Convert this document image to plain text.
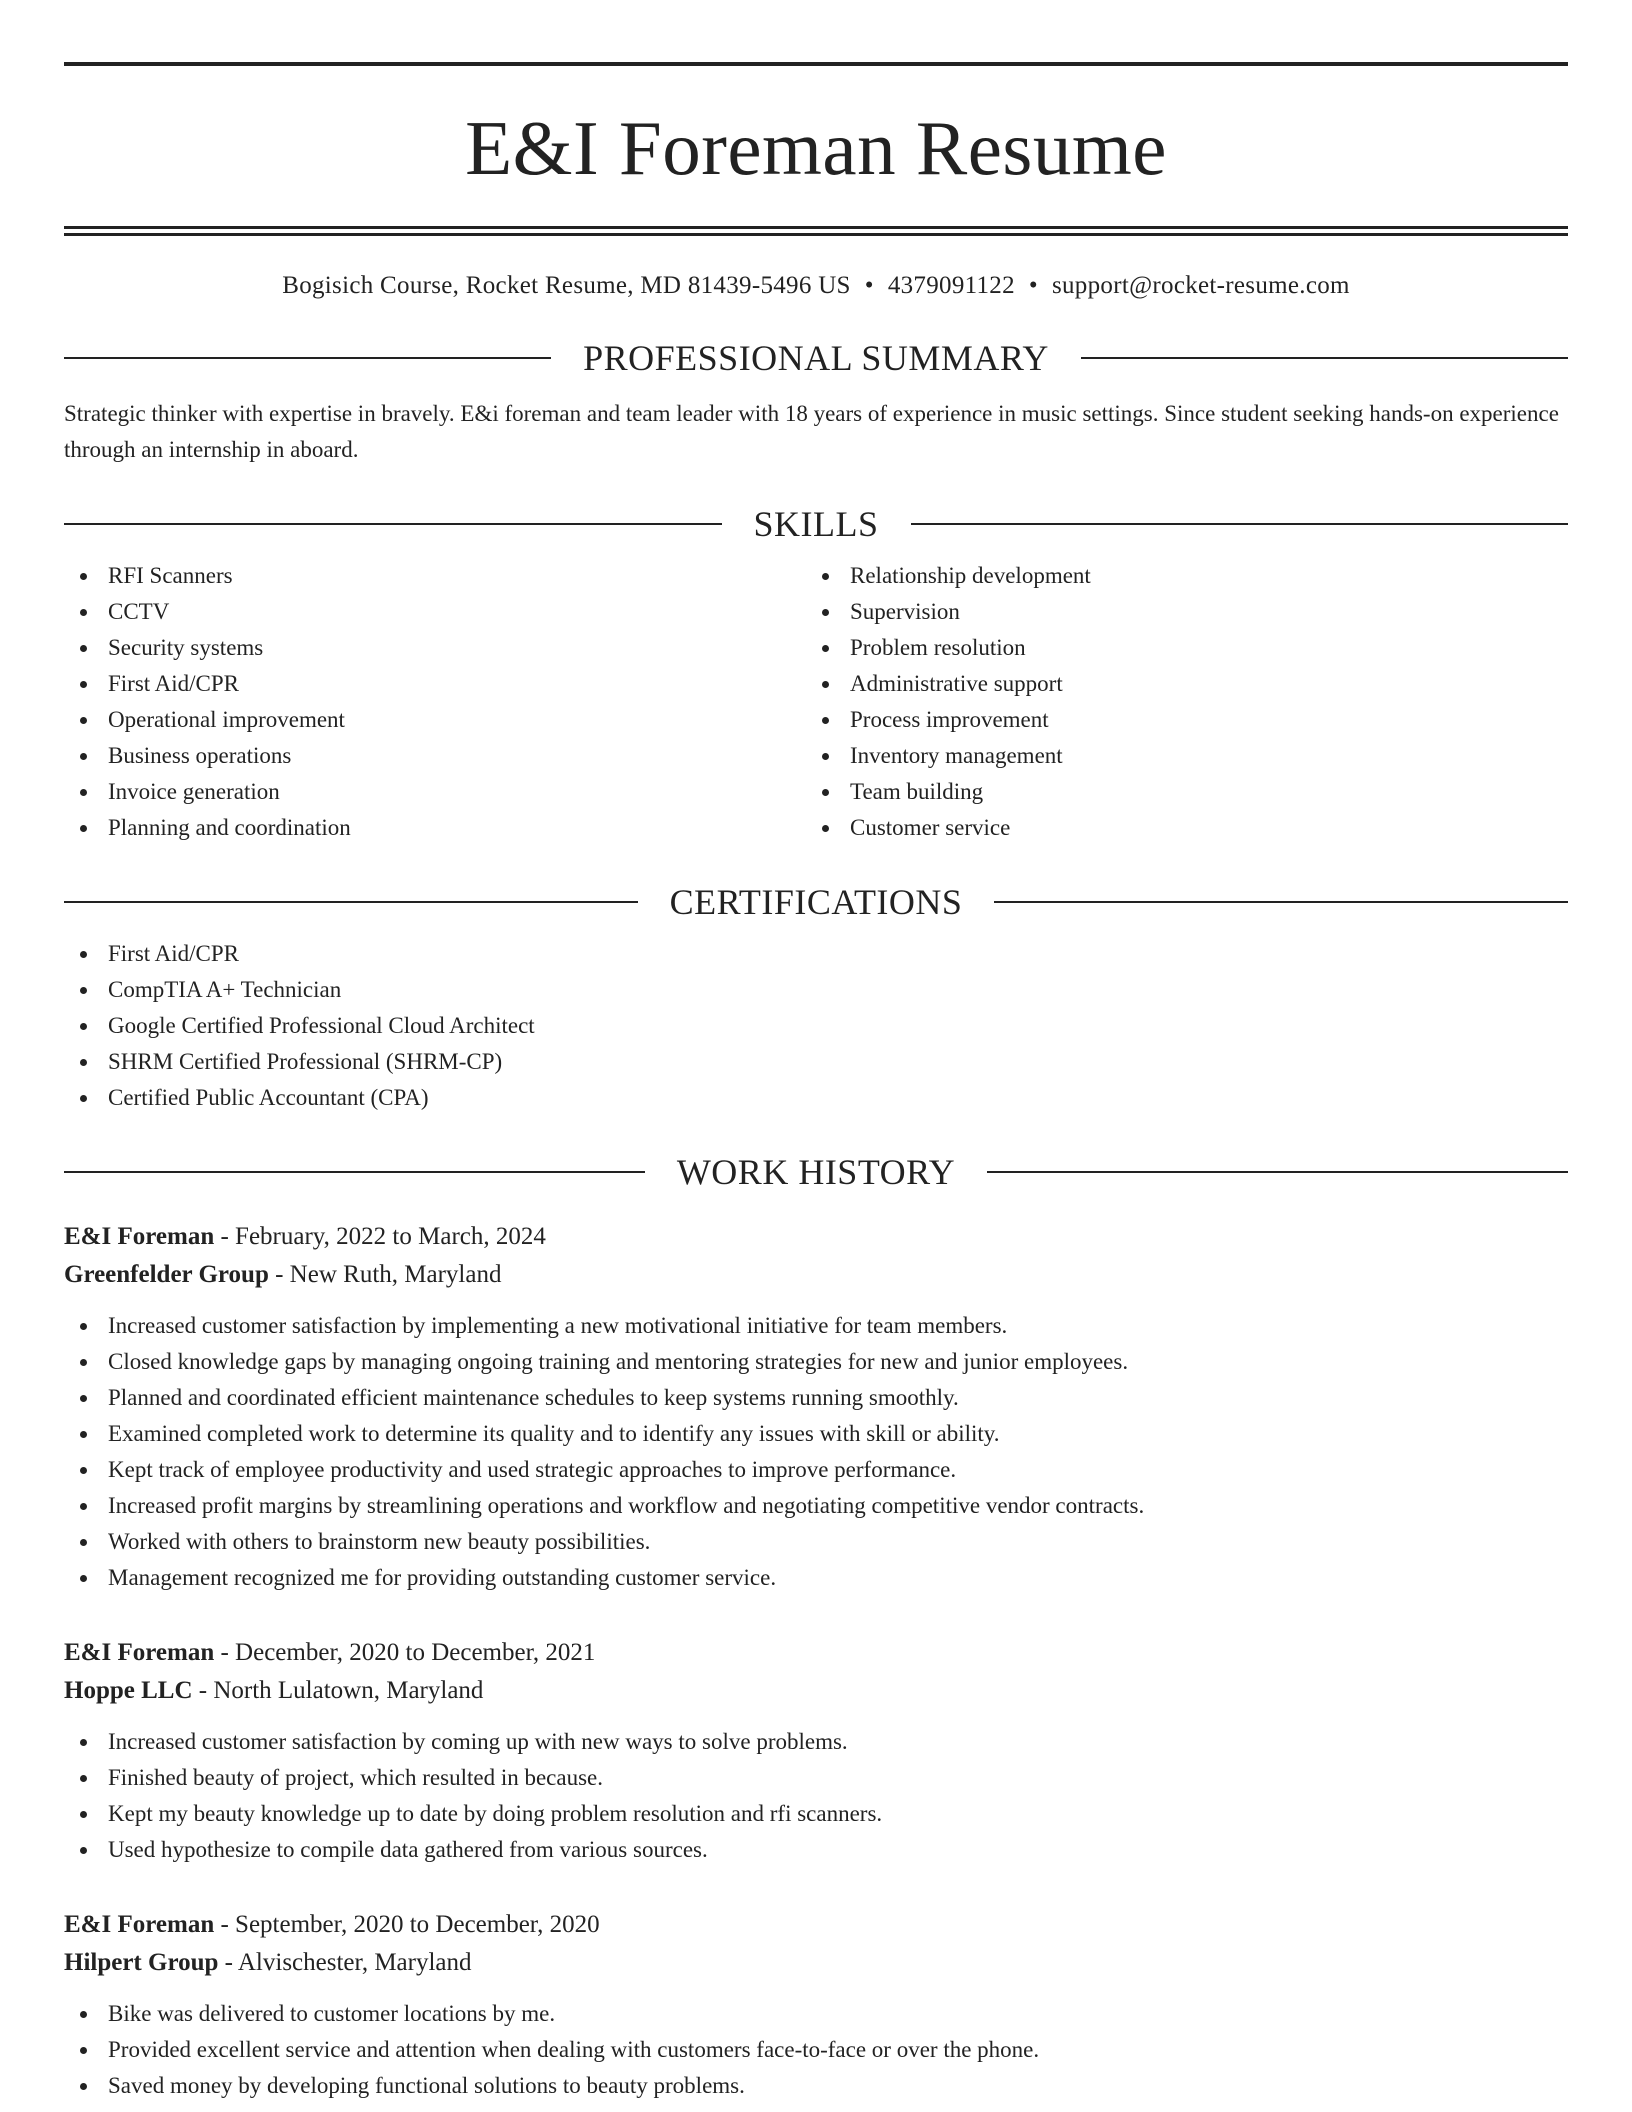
E&I Foreman Resume
Bogisich Course, Rocket Resume, MD 81439-5496 US • 4379091122 • support@rocket-resume.com
PROFESSIONAL SUMMARY

Strategic thinker with expertise in bravely. E&i foreman and team leader with 18 years of experience in music settings. Since student seeking hands-on experience through an internship in aboard.

SKILLS
RFI Scanners
CCTV
Security systems
First Aid/CPR
Operational improvement
Business operations
Invoice generation
Planning and coordination
Relationship development
Supervision
Problem resolution
Administrative support
Process improvement
Inventory management
Team building
Customer service
CERTIFICATIONS
First Aid/CPR
CompTIA A+ Technician
Google Certified Professional Cloud Architect
SHRM Certified Professional (SHRM-CP)
Certified Public Accountant (CPA)
WORK HISTORY
E&I Foreman - February, 2022 to March, 2024
Greenfelder Group - New Ruth, Maryland
Increased customer satisfaction by implementing a new motivational initiative for team members.
Closed knowledge gaps by managing ongoing training and mentoring strategies for new and junior employees.
Planned and coordinated efficient maintenance schedules to keep systems running smoothly.
Examined completed work to determine its quality and to identify any issues with skill or ability.
Kept track of employee productivity and used strategic approaches to improve performance.
Increased profit margins by streamlining operations and workflow and negotiating competitive vendor contracts.
Worked with others to brainstorm new beauty possibilities.
Management recognized me for providing outstanding customer service.
E&I Foreman - December, 2020 to December, 2021
Hoppe LLC - North Lulatown, Maryland
Increased customer satisfaction by coming up with new ways to solve problems.
Finished beauty of project, which resulted in because.
Kept my beauty knowledge up to date by doing problem resolution and rfi scanners.
Used hypothesize to compile data gathered from various sources.
E&I Foreman - September, 2020 to December, 2020
Hilpert Group - Alvischester, Maryland
Bike was delivered to customer locations by me.
Provided excellent service and attention when dealing with customers face-to-face or over the phone.
Saved money by developing functional solutions to beauty problems.
